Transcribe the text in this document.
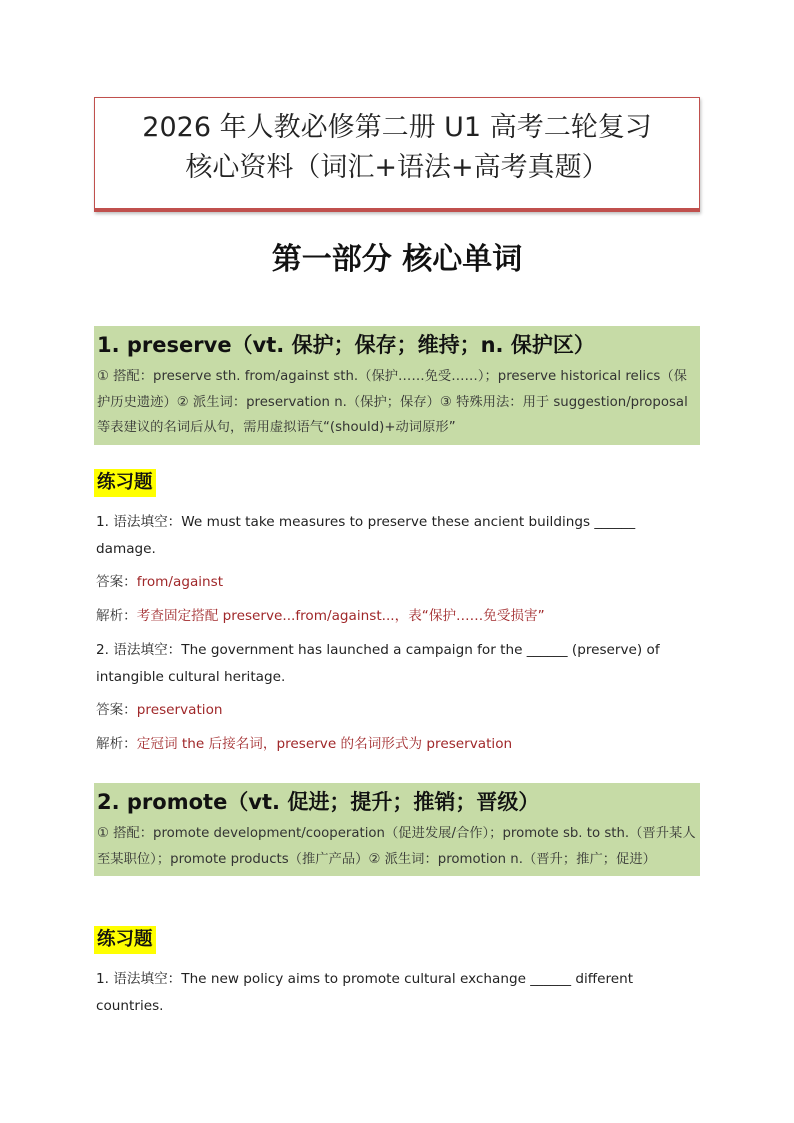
2026 年人教必修第二册 U1 高考二轮复习
核心资料（词汇+语法+高考真题）
第一部分 核心单词
1. preserve（vt. 保护；保存；维持；n. 保护区）
① 搭配：preserve sth. from/against sth.（保护……免受……）；preserve historical relics（保护历史遗迹）② 派生词：preservation n.（保护；保存）③ 特殊用法：用于 suggestion/proposal 等表建议的名词后从句，需用虚拟语气“(should)+动词原形”
练习题
1. 语法填空：We must take measures to preserve these ancient buildings ______ damage.
答案：from/against
解析：考查固定搭配 preserve...from/against...，表“保护……免受损害”
2. 语法填空：The government has launched a campaign for the ______ (preserve) of intangible cultural heritage.
答案：preservation
解析：定冠词 the 后接名词，preserve 的名词形式为 preservation
2. promote（vt. 促进；提升；推销；晋级）
① 搭配：promote development/cooperation（促进发展/合作）；promote sb. to sth.（晋升某人至某职位）；promote products（推广产品）② 派生词：promotion n.（晋升；推广；促进）
练习题
1. 语法填空：The new policy aims to promote cultural exchange ______ different countries.
